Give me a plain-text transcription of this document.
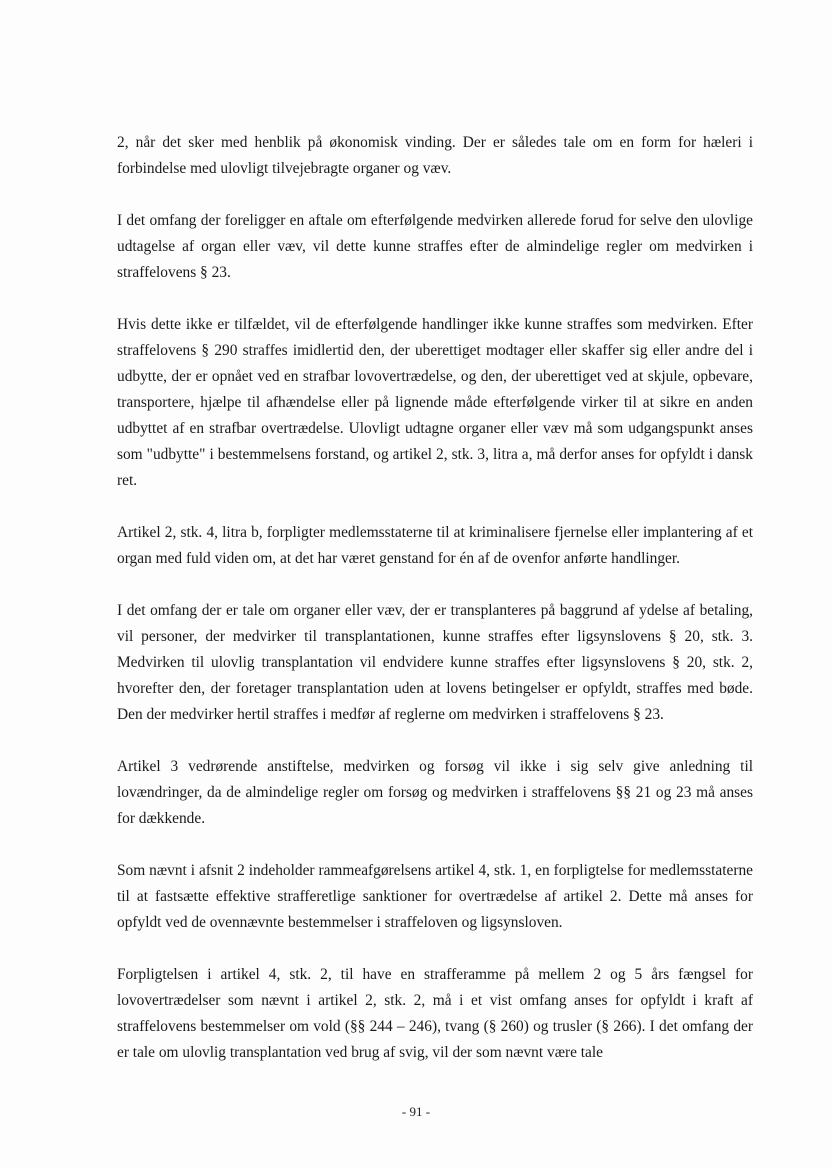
2, når det sker med henblik på økonomisk vinding. Der er således tale om en form for hæleri i forbindelse med ulovligt tilvejebragte organer og væv.

I det omfang der foreligger en aftale om efterfølgende medvirken allerede forud for selve den ulovlige udtagelse af organ eller væv, vil dette kunne straffes efter de almindelige regler om medvirken i straffelovens § 23.

Hvis dette ikke er tilfældet, vil de efterfølgende handlinger ikke kunne straffes som medvirken. Efter straffelovens § 290 straffes imidlertid den, der uberettiget modtager eller skaffer sig eller andre del i udbytte, der er opnået ved en strafbar lovovertrædelse, og den, der uberettiget ved at skjule, opbevare, transportere, hjælpe til afhændelse eller på lignende måde efterfølgende virker til at sikre en anden udbyttet af en strafbar overtrædelse. Ulovligt udtagne organer eller væv må som udgangspunkt anses som "udbytte" i bestemmelsens forstand, og artikel 2, stk. 3, litra a, må derfor anses for opfyldt i dansk ret.

Artikel 2, stk. 4, litra b, forpligter medlemsstaterne til at kriminalisere fjernelse eller implantering af et organ med fuld viden om, at det har været genstand for én af de ovenfor anførte handlinger.

I det omfang der er tale om organer eller væv, der er transplanteres på baggrund af ydelse af betaling, vil personer, der medvirker til transplantationen, kunne straffes efter ligsynslovens § 20, stk. 3. Medvirken til ulovlig transplantation vil endvidere kunne straffes efter ligsynslovens § 20, stk. 2, hvorefter den, der foretager transplantation uden at lovens betingelser er opfyldt, straffes med bøde. Den der medvirker hertil straffes i medfør af reglerne om medvirken i straffelovens § 23.

Artikel 3 vedrørende anstiftelse, medvirken og forsøg vil ikke i sig selv give anledning til lovændringer, da de almindelige regler om forsøg og medvirken i straffelovens §§ 21 og 23 må anses for dækkende.

Som nævnt i afsnit 2 indeholder rammeafgørelsens artikel 4, stk. 1, en forpligtelse for medlemsstaterne til at fastsætte effektive strafferetlige sanktioner for overtrædelse af artikel 2. Dette må anses for opfyldt ved de ovennævnte bestemmelser i straffeloven og ligsynsloven.

Forpligtelsen i artikel 4, stk. 2, til have en strafferamme på mellem 2 og 5 års fængsel for lovovertrædelser som nævnt i artikel 2, stk. 2, må i et vist omfang anses for opfyldt i kraft af straffelovens bestemmelser om vold (§§ 244 – 246), tvang (§ 260) og trusler (§ 266). I det omfang der er tale om ulovlig transplantation ved brug af svig, vil der som nævnt være tale

- 91 -
